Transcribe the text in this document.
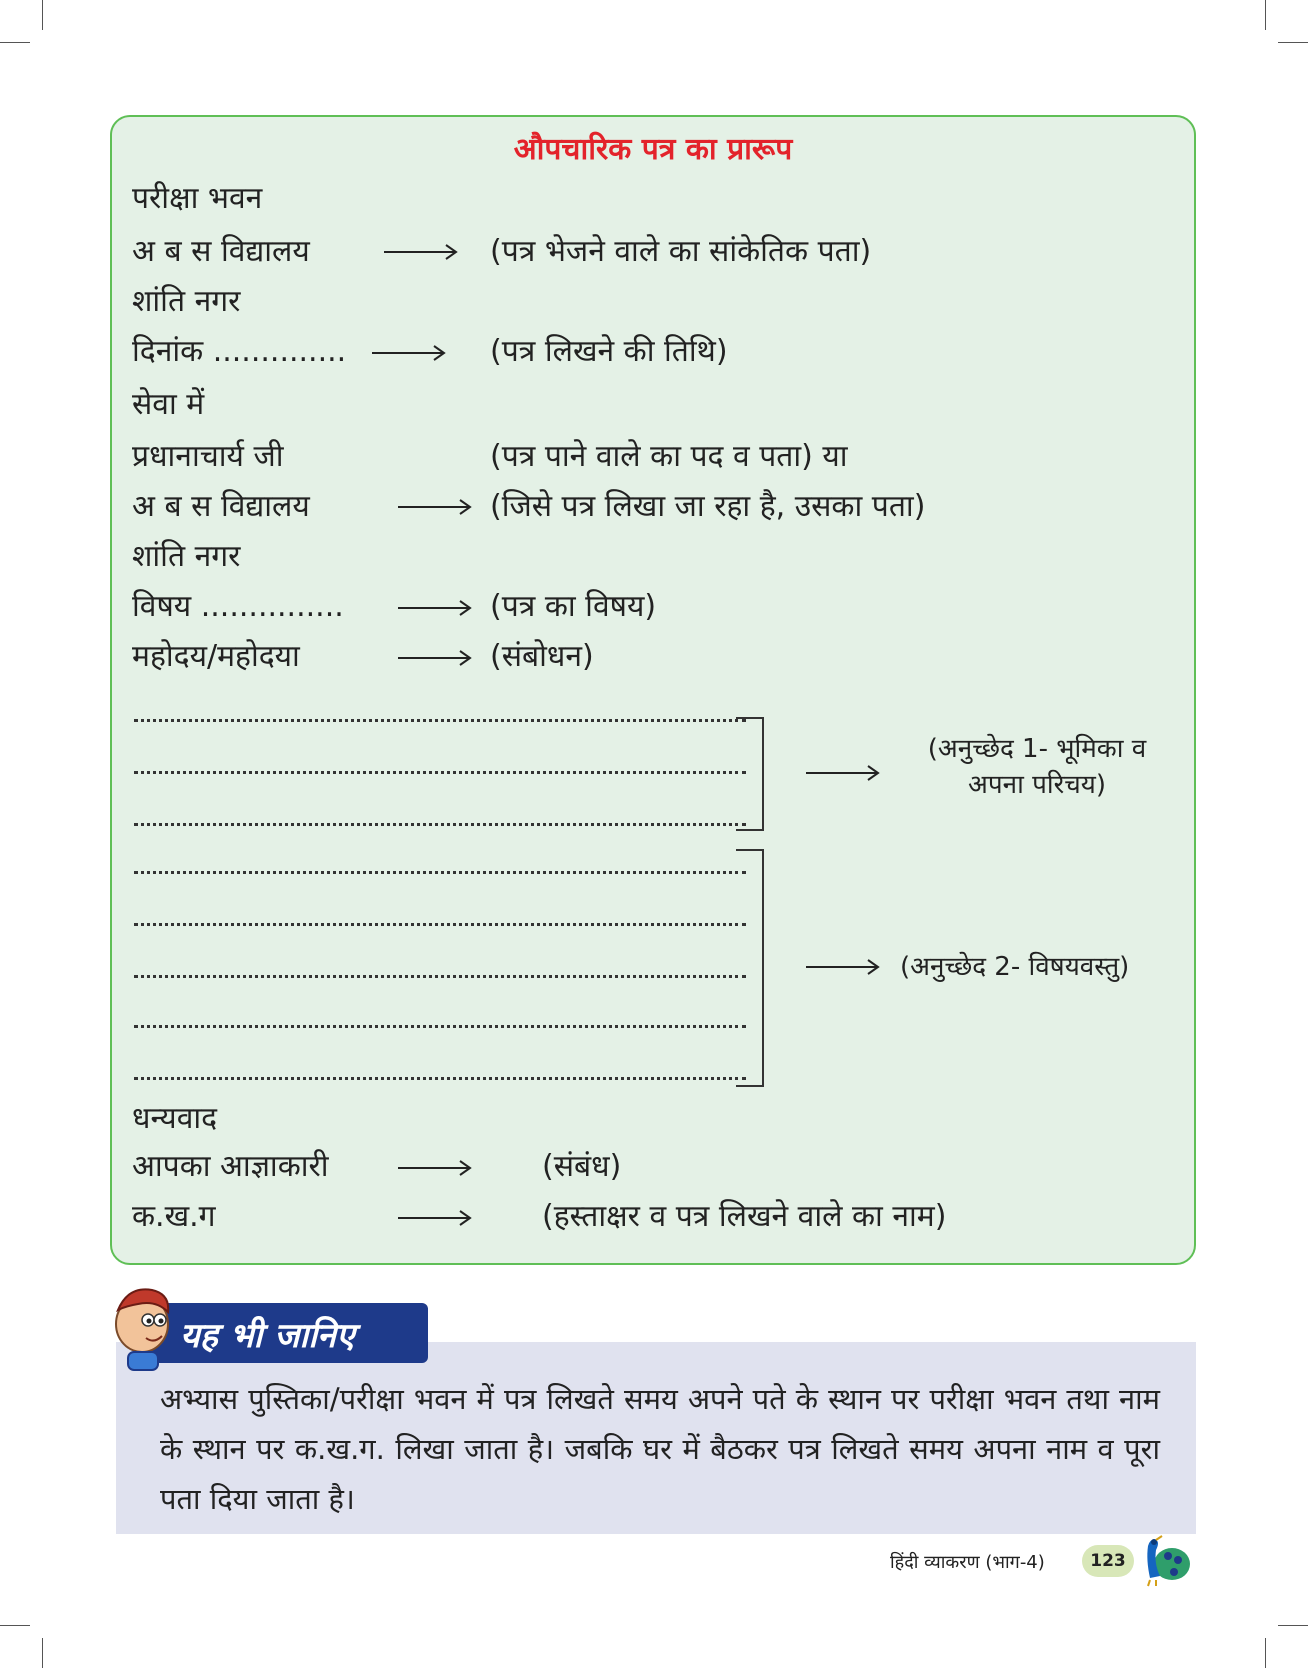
औपचारिक पत्र का प्रारूप
परीक्षा भवन
अ ब स विद्यालय	(पत्र भेजने वाले का सांकेतिक पता)
शांति नगर
दिनांक ..............	(पत्र लिखने की तिथि)
सेवा में
प्रधानाचार्य जी	(पत्र पाने वाले का पद व पता) या
अ ब स विद्यालय	(जिसे पत्र लिखा जा रहा है, उसका पता)
शांति नगर
विषय ...............	(पत्र का विषय)
महोदय/महोदया	(संबोधन)
(अनुच्छेद 1- भूमिका व
अपना परिचय)
(अनुच्छेद 2- विषयवस्तु)
धन्यवाद
आपका आज्ञाकारी	(संबंध)
क.ख.ग	(हस्ताक्षर व पत्र लिखने वाले का नाम)
अभ्यास पुस्तिका/परीक्षा भवन में पत्र लिखते समय अपने पते के स्थान पर परीक्षा भवन तथा नाम के स्थान पर क.ख.ग. लिखा जाता है। जबकि घर में बैठकर पत्र लिखते समय अपना नाम व पूरा पता दिया जाता है।
यह भी जानिए
हिंदी व्याकरण (भाग-4)	123
